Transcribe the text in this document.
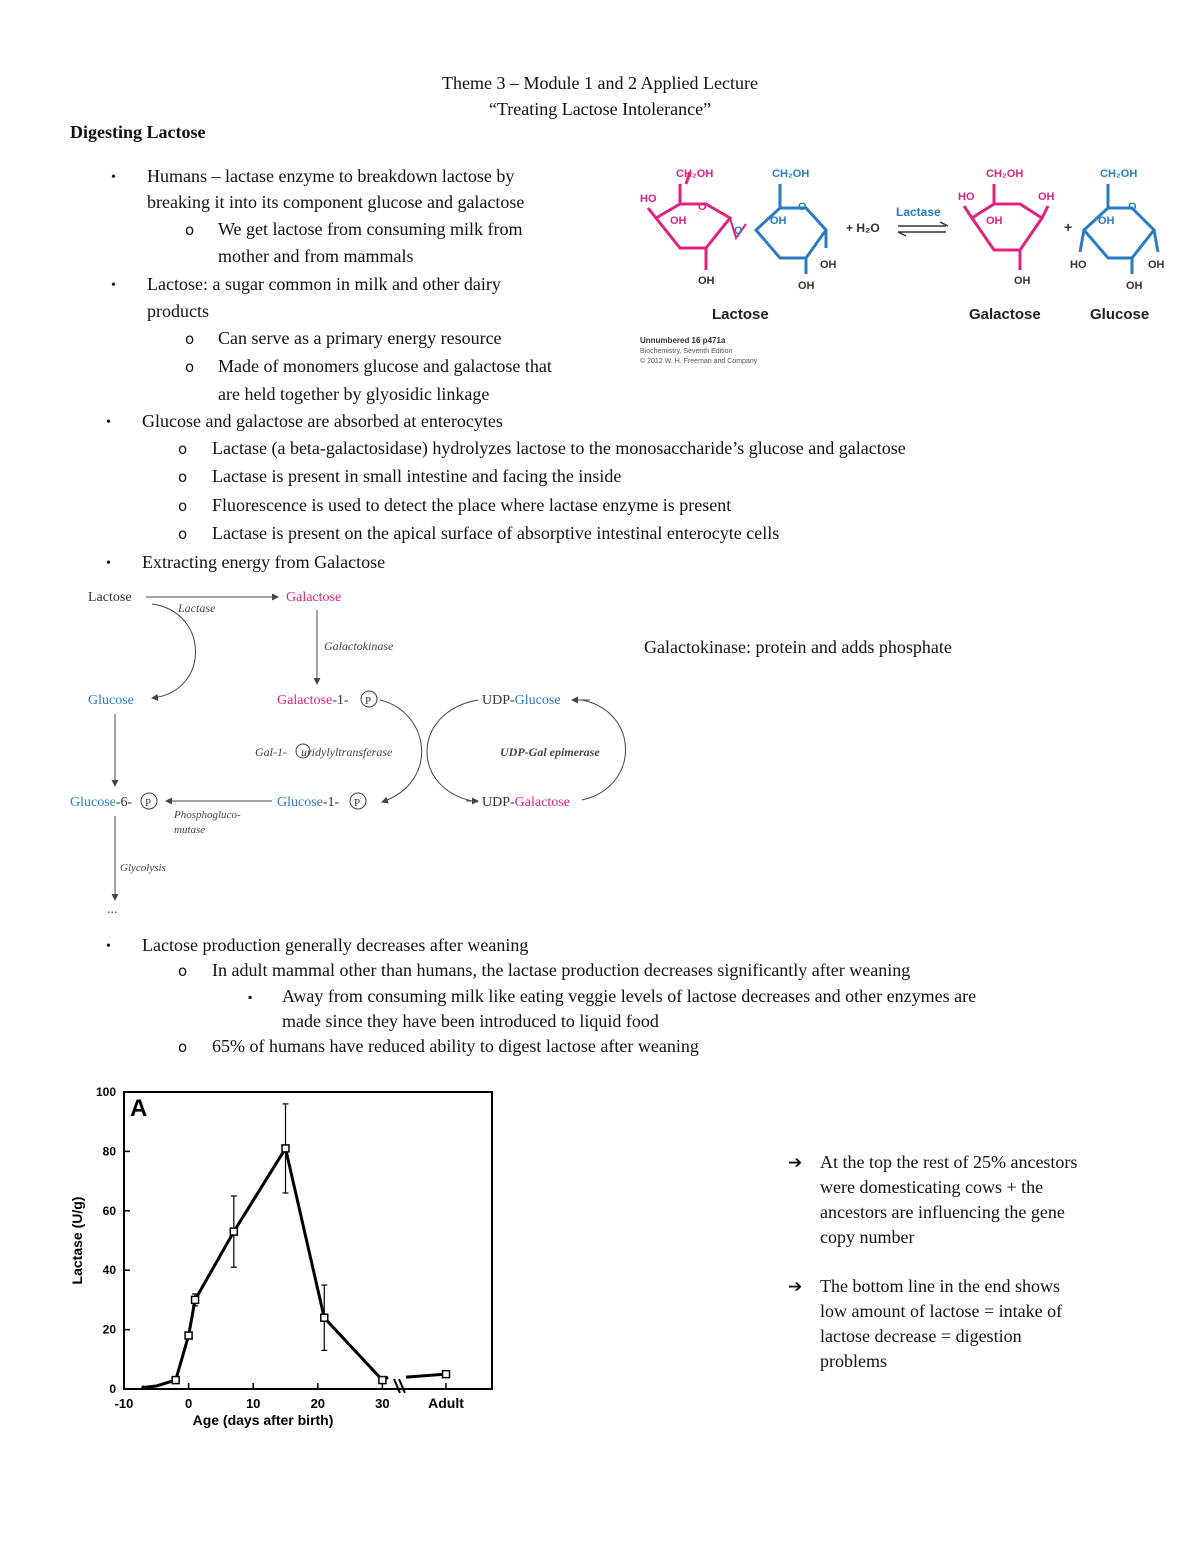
Theme 3 – Module 1 and 2 Applied Lecture
“Treating Lactose Intolerance”
Digesting Lactose
• Humans – lactase enzyme to breakdown lactose by
breaking it into its component glucose and galactose
o We get lactose from consuming milk from
mother and from mammals
• Lactose: a sugar common in milk and other dairy
products
o Can serve as a primary energy resource
o Made of monomers glucose and galactose that
are held together by glyosidic linkage
• Glucose and galactose are absorbed at enterocytes
o Lactase (a beta-galactosidase) hydrolyzes lactose to the monosaccharide’s glucose and galactose
o Lactase is present in small intestine and facing the inside
o Fluorescence is used to detect the place where lactase enzyme is present
o Lactase is present on the apical surface of absorptive intestinal enterocyte cells
• Extracting energy from Galactose
CH₂OH
HO
OH
O
OH
O
CH₂OH
OH
O
OH
OH
+ H₂O
Lactase
CH₂OH
HO
OH
OH
OH
+
CH₂OH
OH
O
HO	OH
OH
Lactose	Galactose	Glucose
Unnumbered 16 p471a
Biochemistry, Seventh Edition
© 2012 W. H. Freeman and Company
Lactose
Lactase
Galactose
Galactokinase
Glucose	Galactose-1- P	UDP-Glucose
Gal-1- uridylyltransferase	UDP-Gal epimerase
Glucose-6- P
Phosphogluco-
mutase
Glucose-1- P	UDP-Galactose
Glycolysis
...
Galactokinase: protein and adds phosphate
• Lactose production generally decreases after weaning
o In adult mammal other than humans, the lactase production decreases significantly after weaning
▪ Away from consuming milk like eating veggie levels of lactose decreases and other enzymes are
made since they have been introduced to liquid food
o 65% of humans have reduced ability to digest lactose after weaning
0
20
40
60
80
100
-10	0	10	20	30	Adult
Age (days after birth)
Lactase (U/g)
A
➔ At the top the rest of 25% ancestors
were domesticating cows + the
ancestors are influencing the gene
copy number
➔ The bottom line in the end shows
low amount of lactose = intake of
lactose decrease = digestion
problems
